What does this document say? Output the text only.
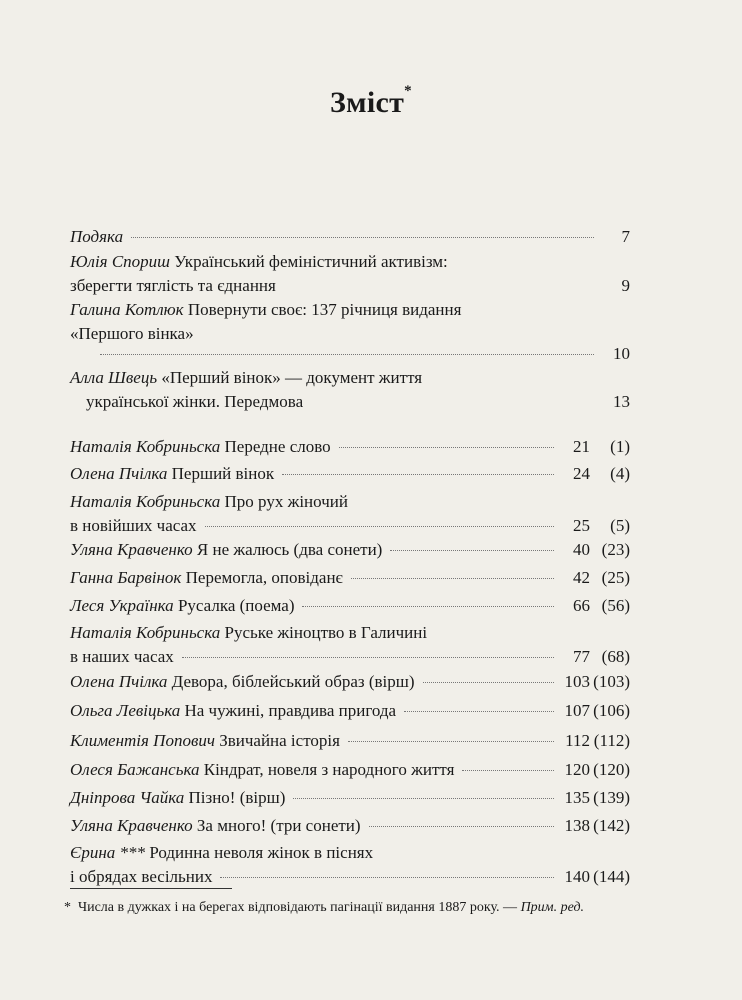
Зміст*
Подяка	7
Юлія Спориш
Український феміністичний активізм:
зберегти тяглість та єднання	9
Галина Котлюк
Повернути своє: 137 річниця видання
«Першого вінка»
10
Алла Швець
«Перший вінок» — документ життя
української жінки. Передмова	13
Наталія Кобриньска
Передне слово	21 (1)
Олена Пчілка
Перший вінок	24 (4)
Наталія Кобриньска
Про рух жіночий
в новійших часах	25 (5)
Уляна Кравченко
Я не жалюсь (два сонети)	40 (23)
Ганна Барвінок
Перемогла, оповіданє	42 (25)
Леся Українка
Русалка (поема)	66 (56)
Наталія Кобриньска
Руське жіноцтво в Галичині
в наших часах	77 (68)
Олена Пчілка
Девора, біблейський образ (вірш)	103 (103)
Ольга Левіцька
На чужині, правдива пригода	107 (106)
Климентія Попович
Звичайна історія	112 (112)
Олеся Бажанська
Кіндрат, новеля з народного життя	120 (120)
Дніпрова Чайка
Пізно! (вірш)	135 (139)
Уляна Кравченко
За много! (три сонети)	138 (142)
Єрина ***
Родинна неволя жінок в піснях
і обрядах весільних	140 (144)
* Числа в дужках і на берегах відповідають пагінації видання 1887 року. — Прим. ред.
